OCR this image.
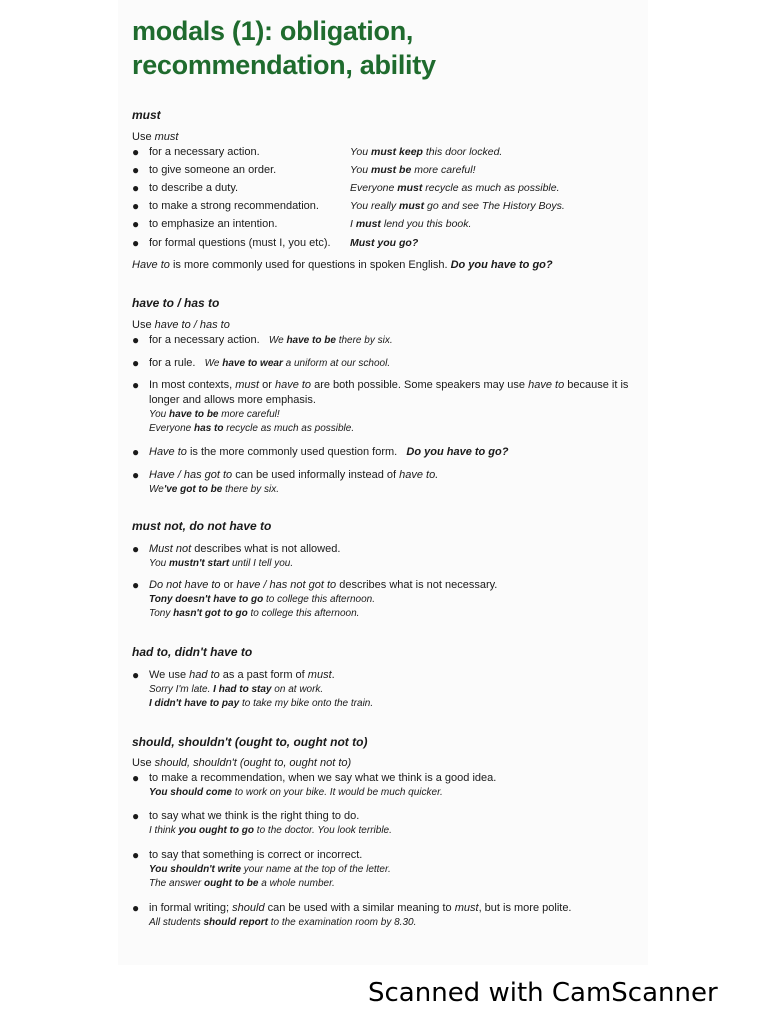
modals (1): obligation,
recommendation, ability

must

Use must

● for a necessary action.	You must keep this door locked.
● to give someone an order.	You must be more careful!
● to describe a duty.	Everyone must recycle as much as possible.
● to make a strong recommendation.	You really must go and see The History Boys.
● to emphasize an intention.	I must lend you this book.
● for formal questions (must I, you etc). Must you go?

Have to is more commonly used for questions in spoken English. Do you have to go?

have to / has to

Use have to / has to

● for a necessary action. We have to be there by six.
● for a rule. We have to wear a uniform at our school.
● In most contexts, must or have to are both possible. Some speakers may use have to because it is
longer and allows more emphasis.

You have to be more careful!

Everyone has to recycle as much as possible.

● Have to is the more commonly used question form. Do you have to go?
● Have / has got to can be used informally instead of have to.

We've got to be there by six.

must not, do not have to

● Must not describes what is not allowed.

You mustn't start until I tell you.

● Do not have to or have / has not got to describes what is not necessary.

Tony doesn't have to go to college this afternoon.

Tony hasn't got to go to college this afternoon.

had to, didn't have to

● We use had to as a past form of must.

Sorry I'm late. I had to stay on at work.

I didn't have to pay to take my bike onto the train.

should, shouldn't (ought to, ought not to)

Use should, shouldn't (ought to, ought not to)

● to make a recommendation, when we say what we think is a good idea.

You should come to work on your bike. It would be much quicker.

● to say what we think is the right thing to do.

I think you ought to go to the doctor. You look terrible.

● to say that something is correct or incorrect.

You shouldn't write your name at the top of the letter.

The answer ought to be a whole number.

● in formal writing; should can be used with a similar meaning to must, but is more polite.

All students should report to the examination room by 8.30.

Scanned with CamScanner
